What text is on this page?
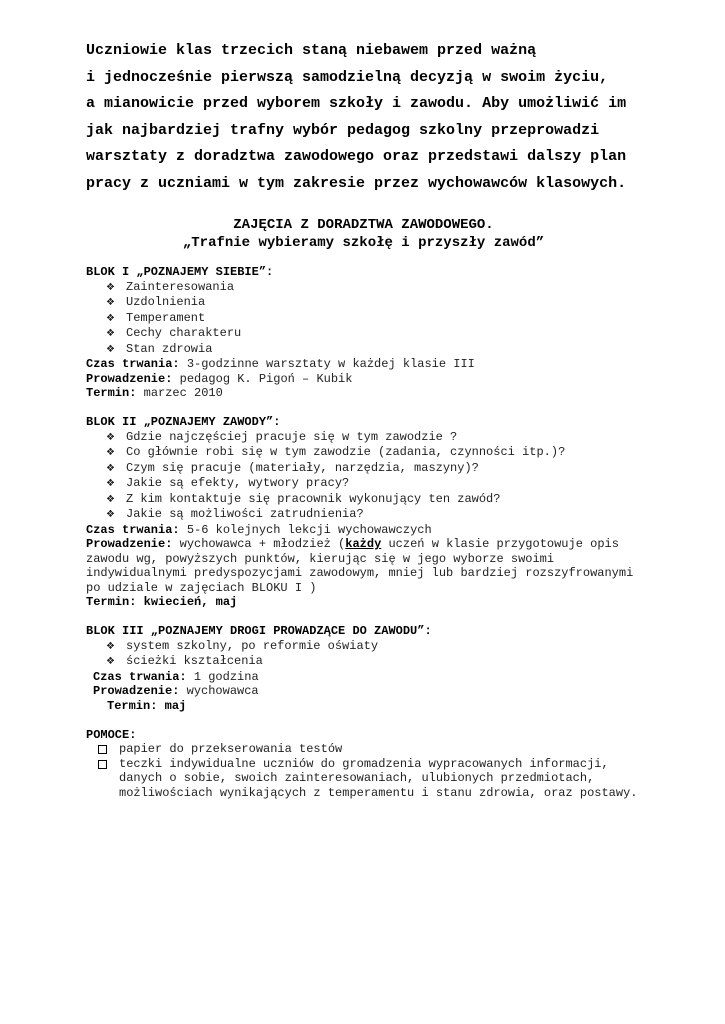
Uczniowie klas trzecich staną niebawem przed ważną
i jednocześnie pierwszą samodzielną decyzją w swoim życiu,
a mianowicie przed wyborem szkoły i zawodu. Aby umożliwić im
jak najbardziej trafny wybór pedagog szkolny przeprowadzi
warsztaty z doradztwa zawodowego oraz przedstawi dalszy plan
pracy z uczniami w tym zakresie przez wychowawców klasowych.
ZAJĘCIA Z DORADZTWA ZAWODOWEGO.
„Trafnie wybieramy szkołę i przyszły zawód”
BLOK I „POZNAJEMY SIEBIE”:
❖ Zainteresowania
❖ Uzdolnienia
❖ Temperament
❖ Cechy charakteru
❖ Stan zdrowia
Czas trwania: 3-godzinne warsztaty w każdej klasie III
Prowadzenie: pedagog K. Pigoń – Kubik
Termin: marzec 2010
BLOK II „POZNAJEMY ZAWODY”:
❖ Gdzie najczęściej pracuje się w tym zawodzie ?
❖ Co głównie robi się w tym zawodzie (zadania, czynności itp.)?
❖ Czym się pracuje (materiały, narzędzia, maszyny)?
❖ Jakie są efekty, wytwory pracy?
❖ Z kim kontaktuje się pracownik wykonujący ten zawód?
❖ Jakie są możliwości zatrudnienia?
Czas trwania: 5-6 kolejnych lekcji wychowawczych
Prowadzenie: wychowawca + młodzież (każdy uczeń w klasie przygotowuje opis zawodu wg, powyższych punktów, kierując się w jego wyborze swoimi indywidualnymi predyspozycjami zawodowym, mniej lub bardziej rozszyfrowanymi po udziale w zajęciach BLOKU I )
Termin: kwiecień, maj
BLOK III „POZNAJEMY DROGI PROWADZĄCE DO ZAWODU”:
❖ system szkolny, po reformie oświaty
❖ ścieżki kształcenia
Czas trwania: 1 godzina
Prowadzenie: wychowawca
Termin: maj
POMOCE:
papier do przekserowania testów
teczki indywidualne uczniów do gromadzenia wypracowanych informacji, danych o sobie, swoich zainteresowaniach, ulubionych przedmiotach, możliwościach wynikających z temperamentu i stanu zdrowia, oraz postawy.
